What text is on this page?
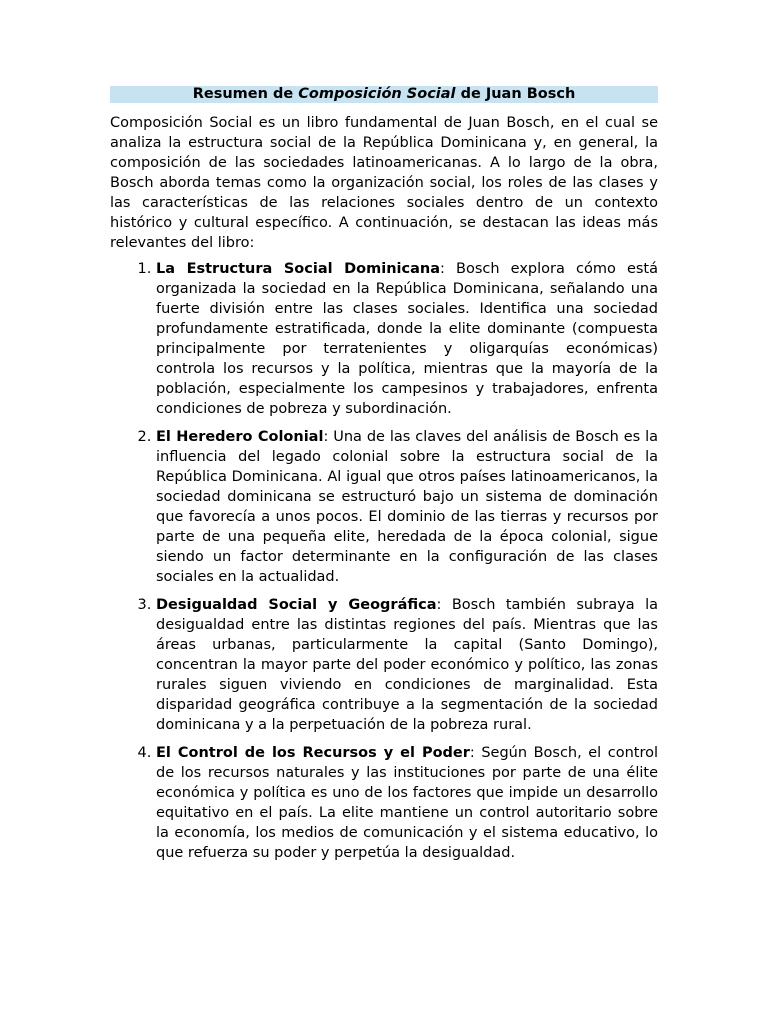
Resumen de Composición Social de Juan Bosch

Composición Social es un libro fundamental de Juan Bosch, en el cual se analiza la estructura social de la República Dominicana y, en general, la composición de las sociedades latinoamericanas. A lo largo de la obra, Bosch aborda temas como la organización social, los roles de las clases y las características de las relaciones sociales dentro de un contexto histórico y cultural específico. A continuación, se destacan las ideas más relevantes del libro:

1. La Estructura Social Dominicana: Bosch explora cómo está organizada la sociedad en la República Dominicana, señalando una fuerte división entre las clases sociales. Identifica una sociedad profundamente estratificada, donde la elite dominante (compuesta principalmente por terratenientes y oligarquías económicas) controla los recursos y la política, mientras que la mayoría de la población, especialmente los campesinos y trabajadores, enfrenta condiciones de pobreza y subordinación.
2. El Heredero Colonial: Una de las claves del análisis de Bosch es la influencia del legado colonial sobre la estructura social de la República Dominicana. Al igual que otros países latinoamericanos, la sociedad dominicana se estructuró bajo un sistema de dominación que favorecía a unos pocos. El dominio de las tierras y recursos por parte de una pequeña elite, heredada de la época colonial, sigue siendo un factor determinante en la configuración de las clases sociales en la actualidad.
3. Desigualdad Social y Geográfica: Bosch también subraya la desigualdad entre las distintas regiones del país. Mientras que las áreas urbanas, particularmente la capital (Santo Domingo), concentran la mayor parte del poder económico y político, las zonas rurales siguen viviendo en condiciones de marginalidad. Esta disparidad geográfica contribuye a la segmentación de la sociedad dominicana y a la perpetuación de la pobreza rural.
4. El Control de los Recursos y el Poder: Según Bosch, el control de los recursos naturales y las instituciones por parte de una élite económica y política es uno de los factores que impide un desarrollo equitativo en el país. La elite mantiene un control autoritario sobre la economía, los medios de comunicación y el sistema educativo, lo que refuerza su poder y perpetúa la desigualdad.
